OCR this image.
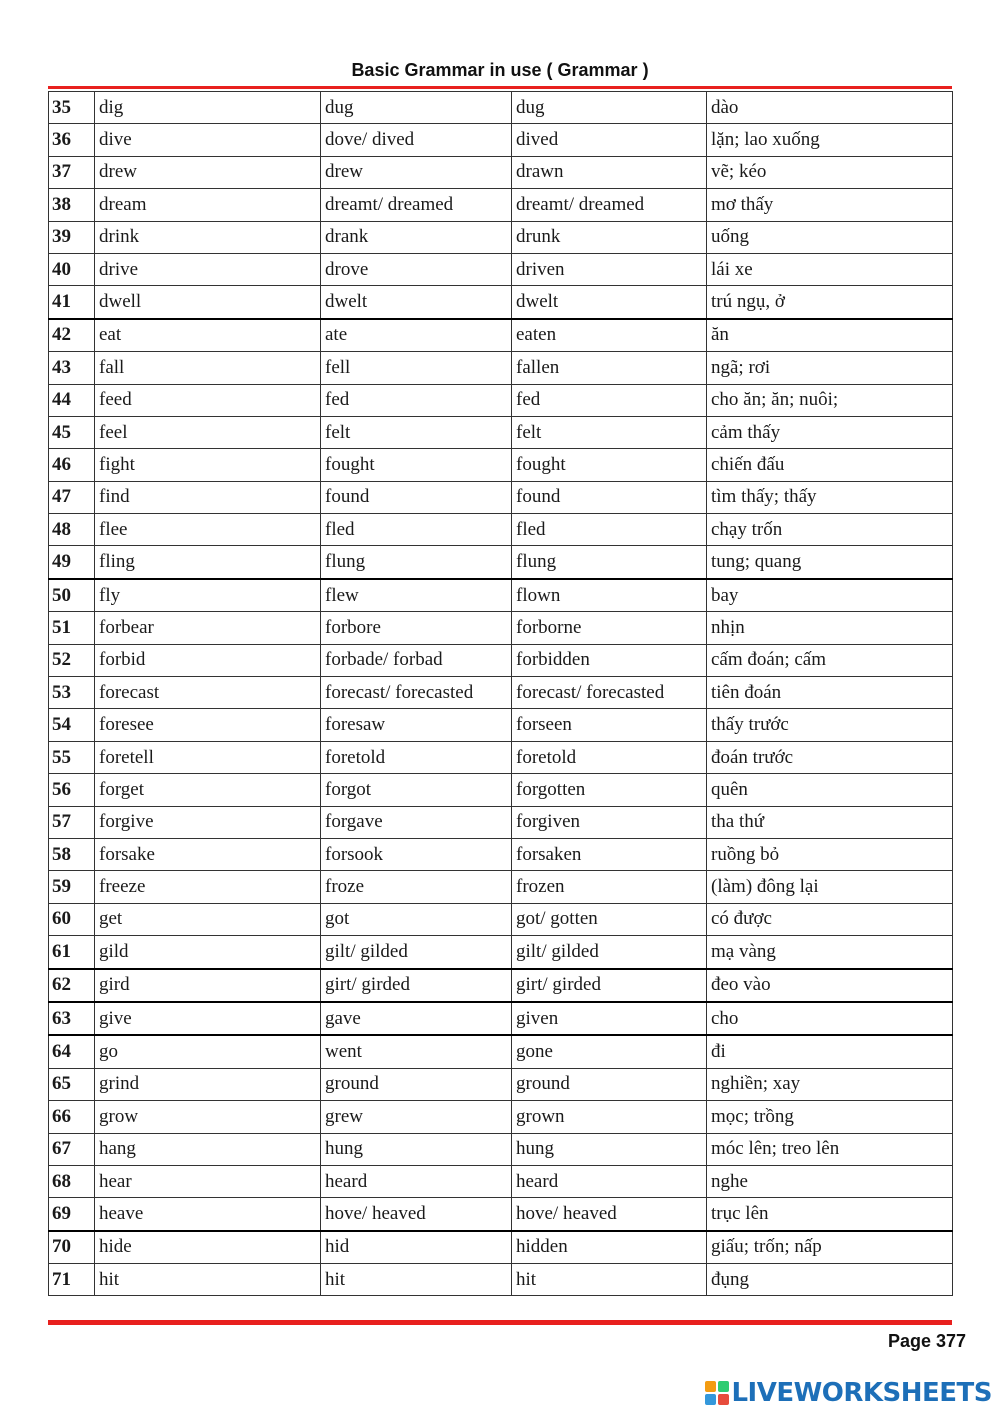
Basic Grammar in use ( Grammar )
35	dig	dug	dug	dào
36	dive	dove/ dived	dived	lặn; lao xuống
37	drew	drew	drawn	vẽ; kéo
38	dream	dreamt/ dreamed	dreamt/ dreamed	mơ thấy
39	drink	drank	drunk	uống
40	drive	drove	driven	lái xe
41	dwell	dwelt	dwelt	trú ngụ, ở
42	eat	ate	eaten	ăn
43	fall	fell	fallen	ngã; rơi
44	feed	fed	fed	cho ăn; ăn; nuôi;
45	feel	felt	felt	cảm thấy
46	fight	fought	fought	chiến đấu
47	find	found	found	tìm thấy; thấy
48	flee	fled	fled	chạy trốn
49	fling	flung	flung	tung; quang
50	fly	flew	flown	bay
51	forbear	forbore	forborne	nhịn
52	forbid	forbade/ forbad	forbidden	cấm đoán; cấm
53	forecast	forecast/ forecasted	forecast/ forecasted	tiên đoán
54	foresee	foresaw	forseen	thấy trước
55	foretell	foretold	foretold	đoán trước
56	forget	forgot	forgotten	quên
57	forgive	forgave	forgiven	tha thứ
58	forsake	forsook	forsaken	ruồng bỏ
59	freeze	froze	frozen	(làm) đông lại
60	get	got	got/ gotten	có được
61	gild	gilt/ gilded	gilt/ gilded	mạ vàng
62	gird	girt/ girded	girt/ girded	đeo vào
63	give	gave	given	cho
64	go	went	gone	đi
65	grind	ground	ground	nghiền; xay
66	grow	grew	grown	mọc; trồng
67	hang	hung	hung	móc lên; treo lên
68	hear	heard	heard	nghe
69	heave	hove/ heaved	hove/ heaved	trục lên
70	hide	hid	hidden	giấu; trốn; nấp
71	hit	hit	hit	đụng
Page 377
LIVEWORKSHEETS
